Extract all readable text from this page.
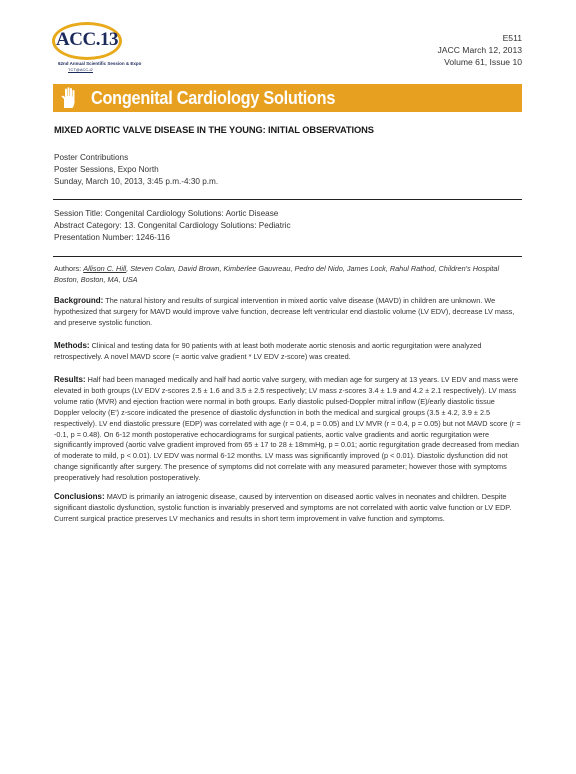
ACC.13
62nd Annual Scientific Session & Expo
TCT@ACC-i2
E511
JACC March 12, 2013
Volume 61, Issue 10
Congenital Cardiology Solutions
MIXED AORTIC VALVE DISEASE IN THE YOUNG: INITIAL OBSERVATIONS
Poster Contributions
Poster Sessions, Expo North
Sunday, March 10, 2013, 3:45 p.m.-4:30 p.m.
Session Title: Congenital Cardiology Solutions: Aortic Disease
Abstract Category: 13. Congenital Cardiology Solutions: Pediatric
Presentation Number: 1246-116
Authors: Allison C. Hill, Steven Colan, David Brown, Kimberlee Gauvreau, Pedro del Nido, James Lock, Rahul Rathod, Children's Hospital Boston, Boston, MA, USA
Background: The natural history and results of surgical intervention in mixed aortic valve disease (MAVD) in children are unknown. We hypothesized that surgery for MAVD would improve valve function, decrease left ventricular end diastolic volume (LV EDV), decrease LV mass, and preserve systolic function.
Methods: Clinical and testing data for 90 patients with at least both moderate aortic stenosis and aortic regurgitation were analyzed retrospectively. A novel MAVD score (= aortic valve gradient * LV EDV z-score) was created.
Results: Half had been managed medically and half had aortic valve surgery, with median age for surgery at 13 years. LV EDV and mass were elevated in both groups (LV EDV z-scores 2.5 ± 1.6 and 3.5 ± 2.5 respectively; LV mass z-scores 3.4 ± 1.9 and 4.2 ± 2.1 respectively). LV mass volume ratio (MVR) and ejection fraction were normal in both groups. Early diastolic pulsed-Doppler mitral inflow (E)/early diastolic tissue Doppler velocity (E') z-score indicated the presence of diastolic dysfunction in both the medical and surgical groups (3.5 ± 4.2, 3.9 ± 2.5 respectively). LV end diastolic pressure (EDP) was correlated with age (r = 0.4, p = 0.05) and LV MVR (r = 0.4, p = 0.05) but not MAVD score (r = -0.1, p = 0.48). On 6-12 month postoperative echocardiograms for surgical patients, aortic valve gradients and aortic regurgitation were significantly improved (aortic valve gradient improved from 65 ± 17 to 28 ± 18mmHg, p = 0.01; aortic regurgitation grade decreased from median of moderate to mild, p < 0.01). LV EDV was normal 6-12 months. LV mass was significantly improved (p < 0.01). Diastolic dysfunction did not change significantly after surgery. The presence of symptoms did not correlate with any measured parameter; however those with symptoms preoperatively had resolution postoperatively.
Conclusions: MAVD is primarily an iatrogenic disease, caused by intervention on diseased aortic valves in neonates and children. Despite significant diastolic dysfunction, systolic function is invariably preserved and symptoms are not correlated with aortic valve function or LV EDP. Current surgical practice preserves LV mechanics and results in short term improvement in valve function and symptoms.
